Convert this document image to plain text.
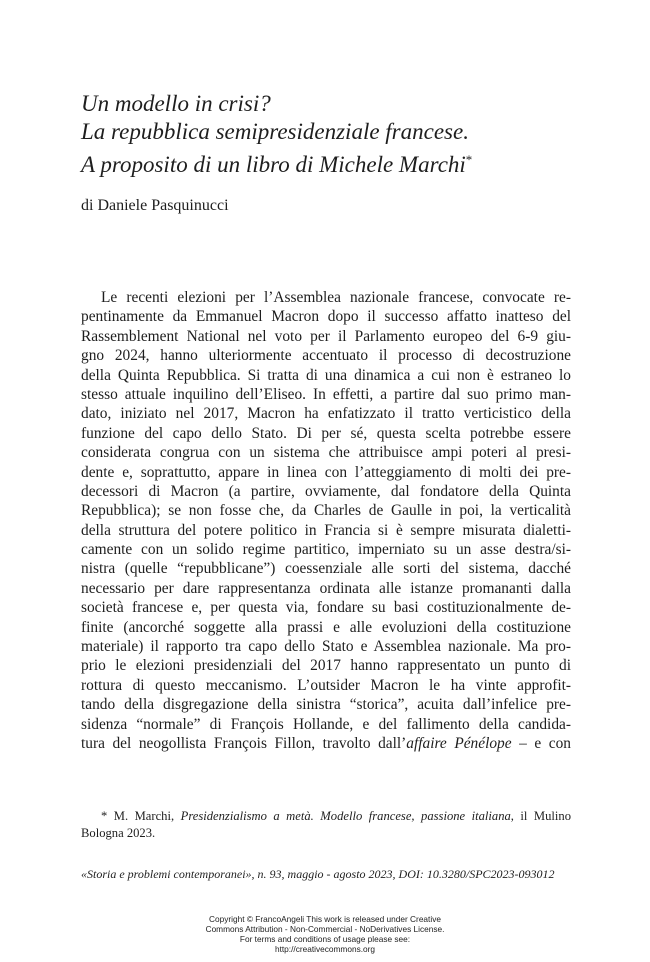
Un modello in crisi?
La repubblica semipresidenziale francese.
A proposito di un libro di Michele Marchi*
di Daniele Pasquinucci
Le recenti elezioni per l’Assemblea nazionale francese, convocate re-
pentinamente da Emmanuel Macron dopo il successo affatto inatteso del
Rassemblement National nel voto per il Parlamento europeo del 6-9 giu-
gno 2024, hanno ulteriormente accentuato il processo di decostruzione
della Quinta Repubblica. Si tratta di una dinamica a cui non è estraneo lo
stesso attuale inquilino dell’Eliseo. In effetti, a partire dal suo primo man-
dato, iniziato nel 2017, Macron ha enfatizzato il tratto verticistico della
funzione del capo dello Stato. Di per sé, questa scelta potrebbe essere
considerata congrua con un sistema che attribuisce ampi poteri al presi-
dente e, soprattutto, appare in linea con l’atteggiamento di molti dei pre-
decessori di Macron (a partire, ovviamente, dal fondatore della Quinta
Repubblica); se non fosse che, da Charles de Gaulle in poi, la verticalità
della struttura del potere politico in Francia si è sempre misurata dialetti-
camente con un solido regime partitico, imperniato su un asse destra/si-
nistra (quelle “repubblicane”) coessenziale alle sorti del sistema, dacché
necessario per dare rappresentanza ordinata alle istanze promananti dalla
società francese e, per questa via, fondare su basi costituzionalmente de-
finite (ancorché soggette alla prassi e alle evoluzioni della costituzione
materiale) il rapporto tra capo dello Stato e Assemblea nazionale. Ma pro-
prio le elezioni presidenziali del 2017 hanno rappresentato un punto di
rottura di questo meccanismo. L’outsider Macron le ha vinte approfit-
tando della disgregazione della sinistra “storica”, acuita dall’infelice pre-
sidenza “normale” di François Hollande, e del fallimento della candida-
tura del neogollista François Fillon, travolto dall’affaire Pénélope – e con
* M. Marchi, Presidenzialismo a metà. Modello francese, passione italiana, il Mulino
Bologna 2023.
«Storia e problemi contemporanei», n. 93, maggio - agosto 2023, DOI: 10.3280/SPC2023-093012
Copyright © FrancoAngeli This work is released under Creative
Commons Attribution - Non-Commercial - NoDerivatives License.
For terms and conditions of usage please see:
http://creativecommons.org
